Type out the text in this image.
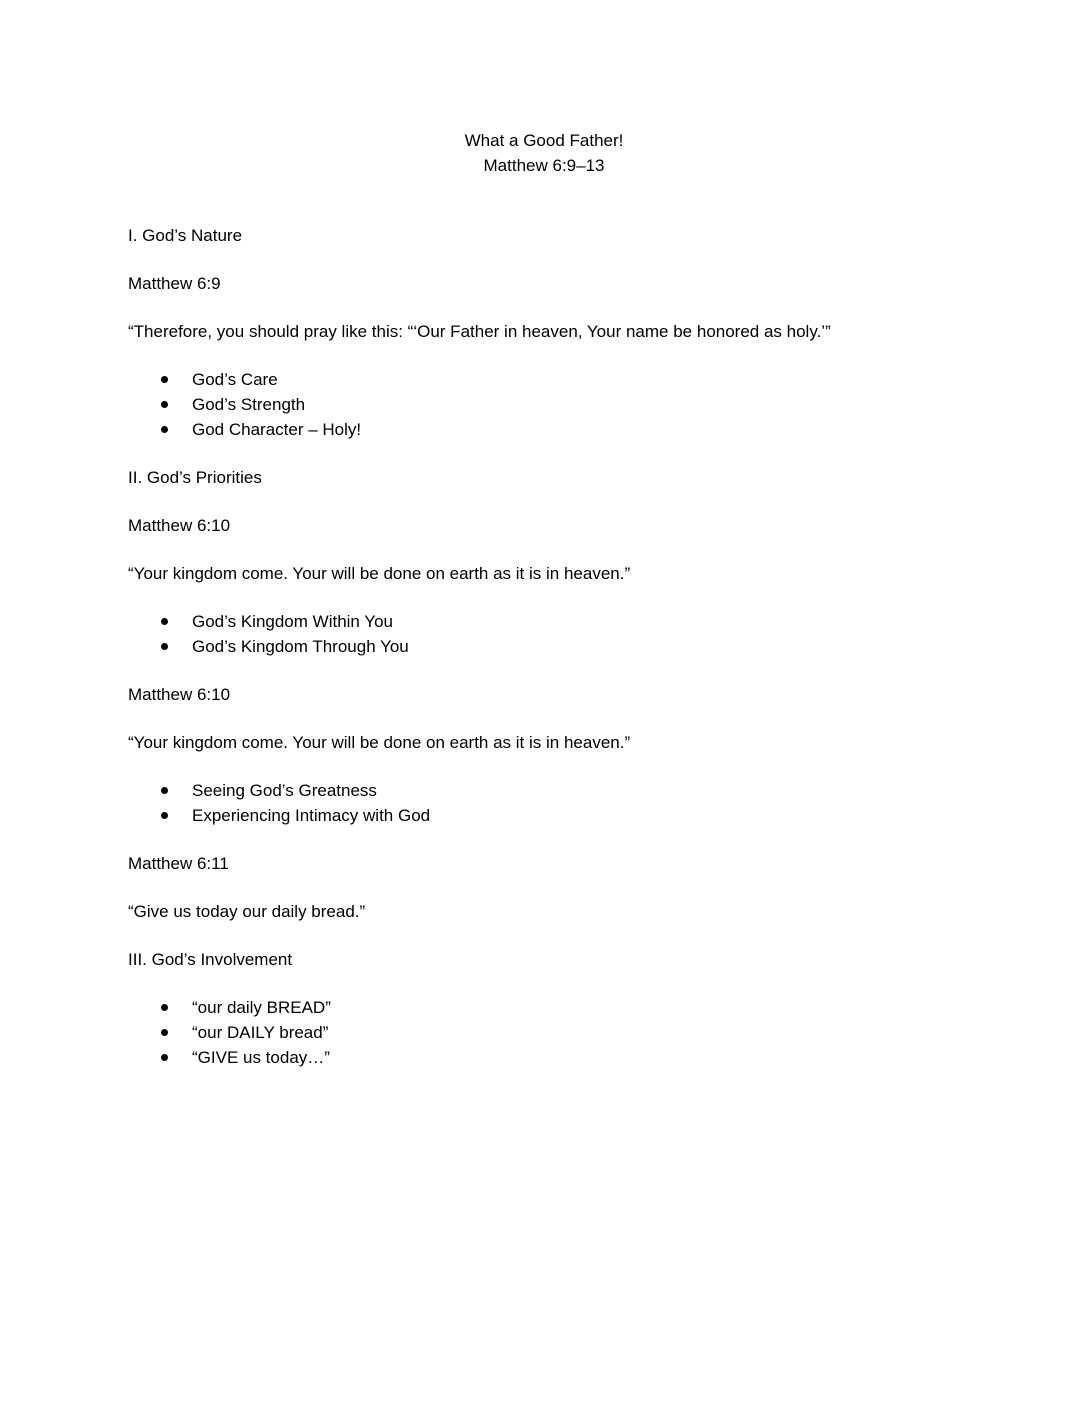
What a Good Father!
Matthew 6:9–13

I. God’s Nature

Matthew 6:9

“Therefore, you should pray like this: “‘Our Father in heaven, Your name be honored as holy.’”

God’s Care
God’s Strength
God Character – Holy!

II. God’s Priorities

Matthew 6:10

“Your kingdom come. Your will be done on earth as it is in heaven.”

God’s Kingdom Within You
God’s Kingdom Through You

Matthew 6:10

“Your kingdom come. Your will be done on earth as it is in heaven.”

Seeing God’s Greatness
Experiencing Intimacy with God

Matthew 6:11

“Give us today our daily bread.”

III. God’s Involvement

“our daily BREAD”
“our DAILY bread”
“GIVE us today…”
